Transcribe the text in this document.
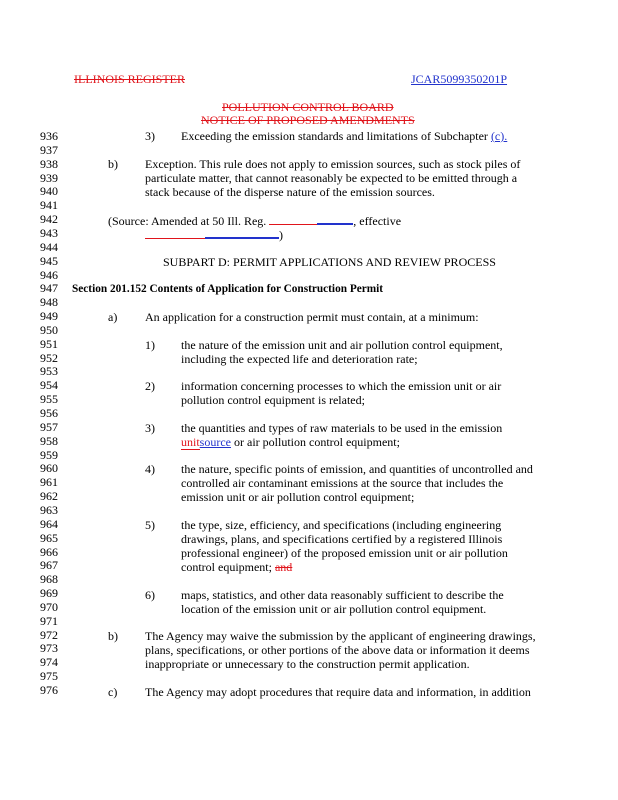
ILLINOIS REGISTER	JCAR5099350201P
POLLUTION CONTROL BOARD
NOTICE OF PROPOSED AMENDMENTS
936
937
938
939
940
941
942
943
944
945
946
947
948
949
950
951
952
953
954
955
956
957
958
959
960
961
962
963
964
965
966
967
968
969
970
971
972
973
974
975
976
3) Exceeding the emission standards and limitations of Subchapter (c).
b) Exception. This rule does not apply to emission sources, such as stock piles of
particulate matter, that cannot reasonably be expected to be emitted through a
stack because of the disperse nature of the emission sources.
(Source: Amended at 50 Ill. Reg.	, effective
)
SUBPART D: PERMIT APPLICATIONS AND REVIEW PROCESS
Section 201.152 Contents of Application for Construction Permit
a) An application for a construction permit must contain, at a minimum:
1) the nature of the emission unit and air pollution control equipment,
including the expected life and deterioration rate;
2) information concerning processes to which the emission unit or air
pollution control equipment is related;
3) the quantities and types of raw materials to be used in the emission
unitsource or air pollution control equipment;
4) the nature, specific points of emission, and quantities of uncontrolled and
controlled air contaminant emissions at the source that includes the
emission unit or air pollution control equipment;
5) the type, size, efficiency, and specifications (including engineering
drawings, plans, and specifications certified by a registered Illinois
professional engineer) of the proposed emission unit or air pollution
control equipment; and
6) maps, statistics, and other data reasonably sufficient to describe the
location of the emission unit or air pollution control equipment.
b) The Agency may waive the submission by the applicant of engineering drawings,
plans, specifications, or other portions of the above data or information it deems
inappropriate or unnecessary to the construction permit application.
c) The Agency may adopt procedures that require data and information, in addition
